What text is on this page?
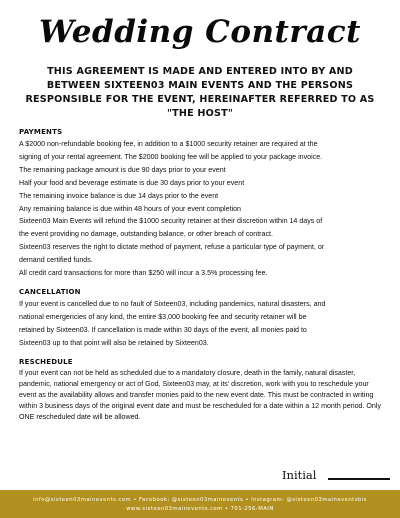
Wedding Contract
THIS AGREEMENT IS MADE AND ENTERED INTO BY AND BETWEEN SIXTEEN03 MAIN EVENTS AND THE PERSONS RESPONSIBLE FOR THE EVENT, HEREINAFTER REFERRED TO AS "THE HOST"
PAYMENTS
A $2000 non-refundable booking fee, in addition to a $1000 security retainer are required at the
signing of your rental agreement. The $2000 booking fee will be applied to your package invoice.
The remaining package amount is due 90 days prior to your event
Half your food and beverage estimate is due 30 days prior to your event
The remaining invoice balance is due 14 days prior to the event
Any remaining balance is due within 48 hours of your event completion
Sixteen03 Main Events will refund the $1000 security retainer at their discretion within 14 days of
the event providing no damage, outstanding balance, or other breach of contract.
Sixteen03 reserves the right to dictate method of payment, refuse a particular type of payment, or
demand certified funds.
All credit card transactions for more than $250 will incur a 3.5% processing fee.
CANCELLATION
If your event is cancelled due to no fault of Sixteen03, including pandemics, natural disasters, and
national emergencies of any kind, the entire $3,000 booking fee and security retainer will be
retained by Sixteen03. If cancellation is made within 30 days of the event, all monies paid to
Sixteen03 up to that point will also be retained by Sixteen03.
RESCHEDULE
If your event can not be held as scheduled due to a mandatory closure, death in the family, natural disaster, pandemic, national emergency or act of God, Sixteen03 may, at its' discretion, work with you to reschedule your event as the availability allows and transfer monies paid to the new event date. This must be contracted in writing within 3 business days of the original event date and must be rescheduled for a date within a 12 month period. Only ONE rescheduled date will be allowed.
Initial
info@sixteen03mainevents.com • Facebook: @sixteen03mainevents • Instagram: @sixteen03maineventsbis
www.sixteen03mainevents.com • 701-256-MAIN
